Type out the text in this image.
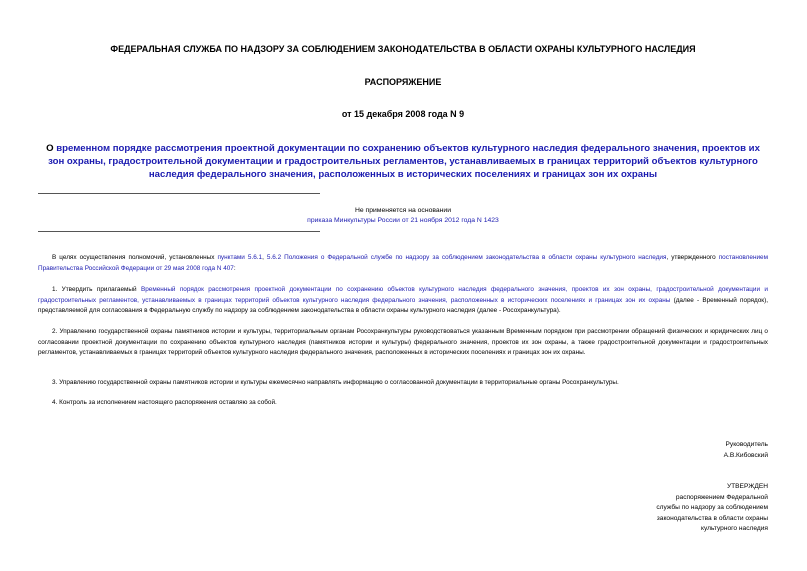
ФЕДЕРАЛЬНАЯ СЛУЖБА ПО НАДЗОРУ ЗА СОБЛЮДЕНИЕМ ЗАКОНОДАТЕЛЬСТВА В ОБЛАСТИ ОХРАНЫ КУЛЬТУРНОГО НАСЛЕДИЯ
РАСПОРЯЖЕНИЕ
от 15 декабря 2008 года N 9
О временном порядке рассмотрения проектной документации по сохранению объектов культурного наследия федерального значения, проектов их зон охраны, градостроительной документации и градостроительных регламентов, устанавливаемых в границах территорий объектов культурного наследия федерального значения, расположенных в исторических поселениях и границах зон их охраны
Не применяется на основании
приказа Минкультуры России от 21 ноября 2012 года N 1423
В целях осуществления полномочий, установленных пунктами 5.6.1, 5.6.2 Положения о Федеральной службе по надзору за соблюдением законодательства в области охраны культурного наследия, утвержденного постановлением Правительства Российской Федерации от 29 мая 2008 года N 407:
1. Утвердить прилагаемый Временный порядок рассмотрения проектной документации по сохранению объектов культурного наследия федерального значения, проектов их зон охраны, градостроительной документации и градостроительных регламентов, устанавливаемых в границах территорий объектов культурного наследия федерального значения, расположенных в исторических поселениях и границах зон их охраны (далее - Временный порядок), представляемой для согласования в Федеральную службу по надзору за соблюдением законодательства в области охраны культурного наследия (далее - Росохранкультура).
2. Управлению государственной охраны памятников истории и культуры, территориальным органам Росохранкультуры руководствоваться указанным Временным порядком при рассмотрении обращений физических и юридических лиц о согласовании проектной документации по сохранению объектов культурного наследия (памятников истории и культуры) федерального значения, проектов их зон охраны, а также градостроительной документации и градостроительных регламентов, устанавливаемых в границах территорий объектов культурного наследия федерального значения, расположенных в исторических поселениях и границах зон их охраны.
3. Управлению государственной охраны памятников истории и культуры ежемесячно направлять информацию о согласованной документации в территориальные органы Росохранкультуры.
4. Контроль за исполнением настоящего распоряжения оставляю за собой.
Руководитель
А.В.Кибовский
УТВЕРЖДЕН
распоряжением Федеральной
службы по надзору за соблюдением
законодательства в области охраны
культурного наследия
